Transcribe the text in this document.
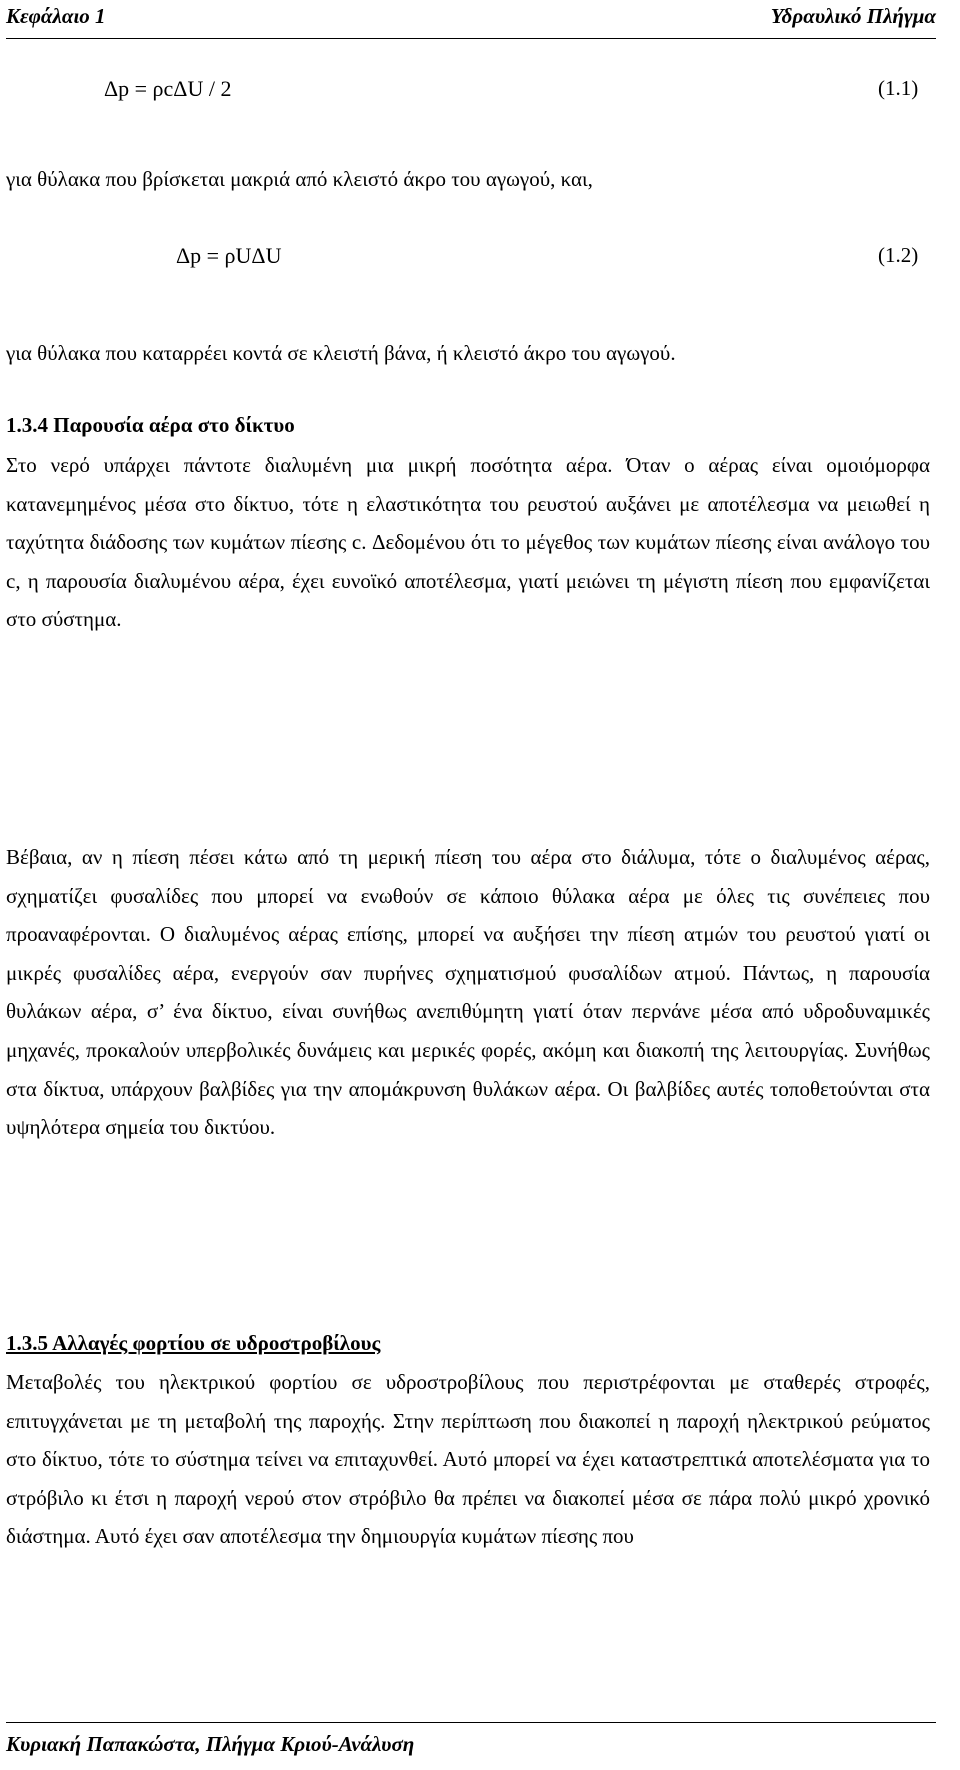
Κεφάλαιο 1	Υδραυλικό Πλήγμα
Δp = ρcΔU / 2	(1.1)
για θύλακα που βρίσκεται μακριά από κλειστό άκρο του αγωγού, και,
Δp = ρUΔU	(1.2)
για θύλακα που καταρρέει κοντά σε κλειστή βάνα, ή κλειστό άκρο του αγωγού.
1.3.4 Παρουσία αέρα στο δίκτυο
Στο νερό υπάρχει πάντοτε διαλυμένη μια μικρή ποσότητα αέρα. Όταν ο αέρας είναι ομοιόμορφα κατανεμημένος μέσα στο δίκτυο, τότε η ελαστικότητα του ρευστού αυξάνει με αποτέλεσμα να μειωθεί η ταχύτητα διάδοσης των κυμάτων πίεσης c. Δεδομένου ότι το μέγεθος των κυμάτων πίεσης είναι ανάλογο του c, η παρουσία διαλυμένου αέρα, έχει ευνοϊκό αποτέλεσμα, γιατί μειώνει τη μέγιστη πίεση που εμφανίζεται στο σύστημα.
Βέβαια, αν η πίεση πέσει κάτω από τη μερική πίεση του αέρα στο διάλυμα, τότε ο διαλυμένος αέρας, σχηματίζει φυσαλίδες που μπορεί να ενωθούν σε κάποιο θύλακα αέρα με όλες τις συνέπειες που προαναφέρονται. Ο διαλυμένος αέρας επίσης, μπορεί να αυξήσει την πίεση ατμών του ρευστού γιατί οι μικρές φυσαλίδες αέρα, ενεργούν σαν πυρήνες σχηματισμού φυσαλίδων ατμού. Πάντως, η παρουσία θυλάκων αέρα, σ’ ένα δίκτυο, είναι συνήθως ανεπιθύμητη γιατί όταν περνάνε μέσα από υδροδυναμικές μηχανές, προκαλούν υπερβολικές δυνάμεις και μερικές φορές, ακόμη και διακοπή της λειτουργίας. Συνήθως στα δίκτυα, υπάρχουν βαλβίδες για την απομάκρυνση θυλάκων αέρα. Οι βαλβίδες αυτές τοποθετούνται στα υψηλότερα σημεία του δικτύου.
1.3.5 Αλλαγές φορτίου σε υδροστροβίλους
Μεταβολές του ηλεκτρικού φορτίου σε υδροστροβίλους που περιστρέφονται με σταθερές στροφές, επιτυγχάνεται με τη μεταβολή της παροχής. Στην περίπτωση που διακοπεί η παροχή ηλεκτρικού ρεύματος στο δίκτυο, τότε το σύστημα τείνει να επιταχυνθεί. Αυτό μπορεί να έχει καταστρεπτικά αποτελέσματα για το στρόβιλο κι έτσι η παροχή νερού στον στρόβιλο θα πρέπει να διακοπεί μέσα σε πάρα πολύ μικρό χρονικό διάστημα. Αυτό έχει σαν αποτέλεσμα την δημιουργία κυμάτων πίεσης που
Κυριακή Παπακώστα, Πλήγμα Κριού-Ανάλυση
